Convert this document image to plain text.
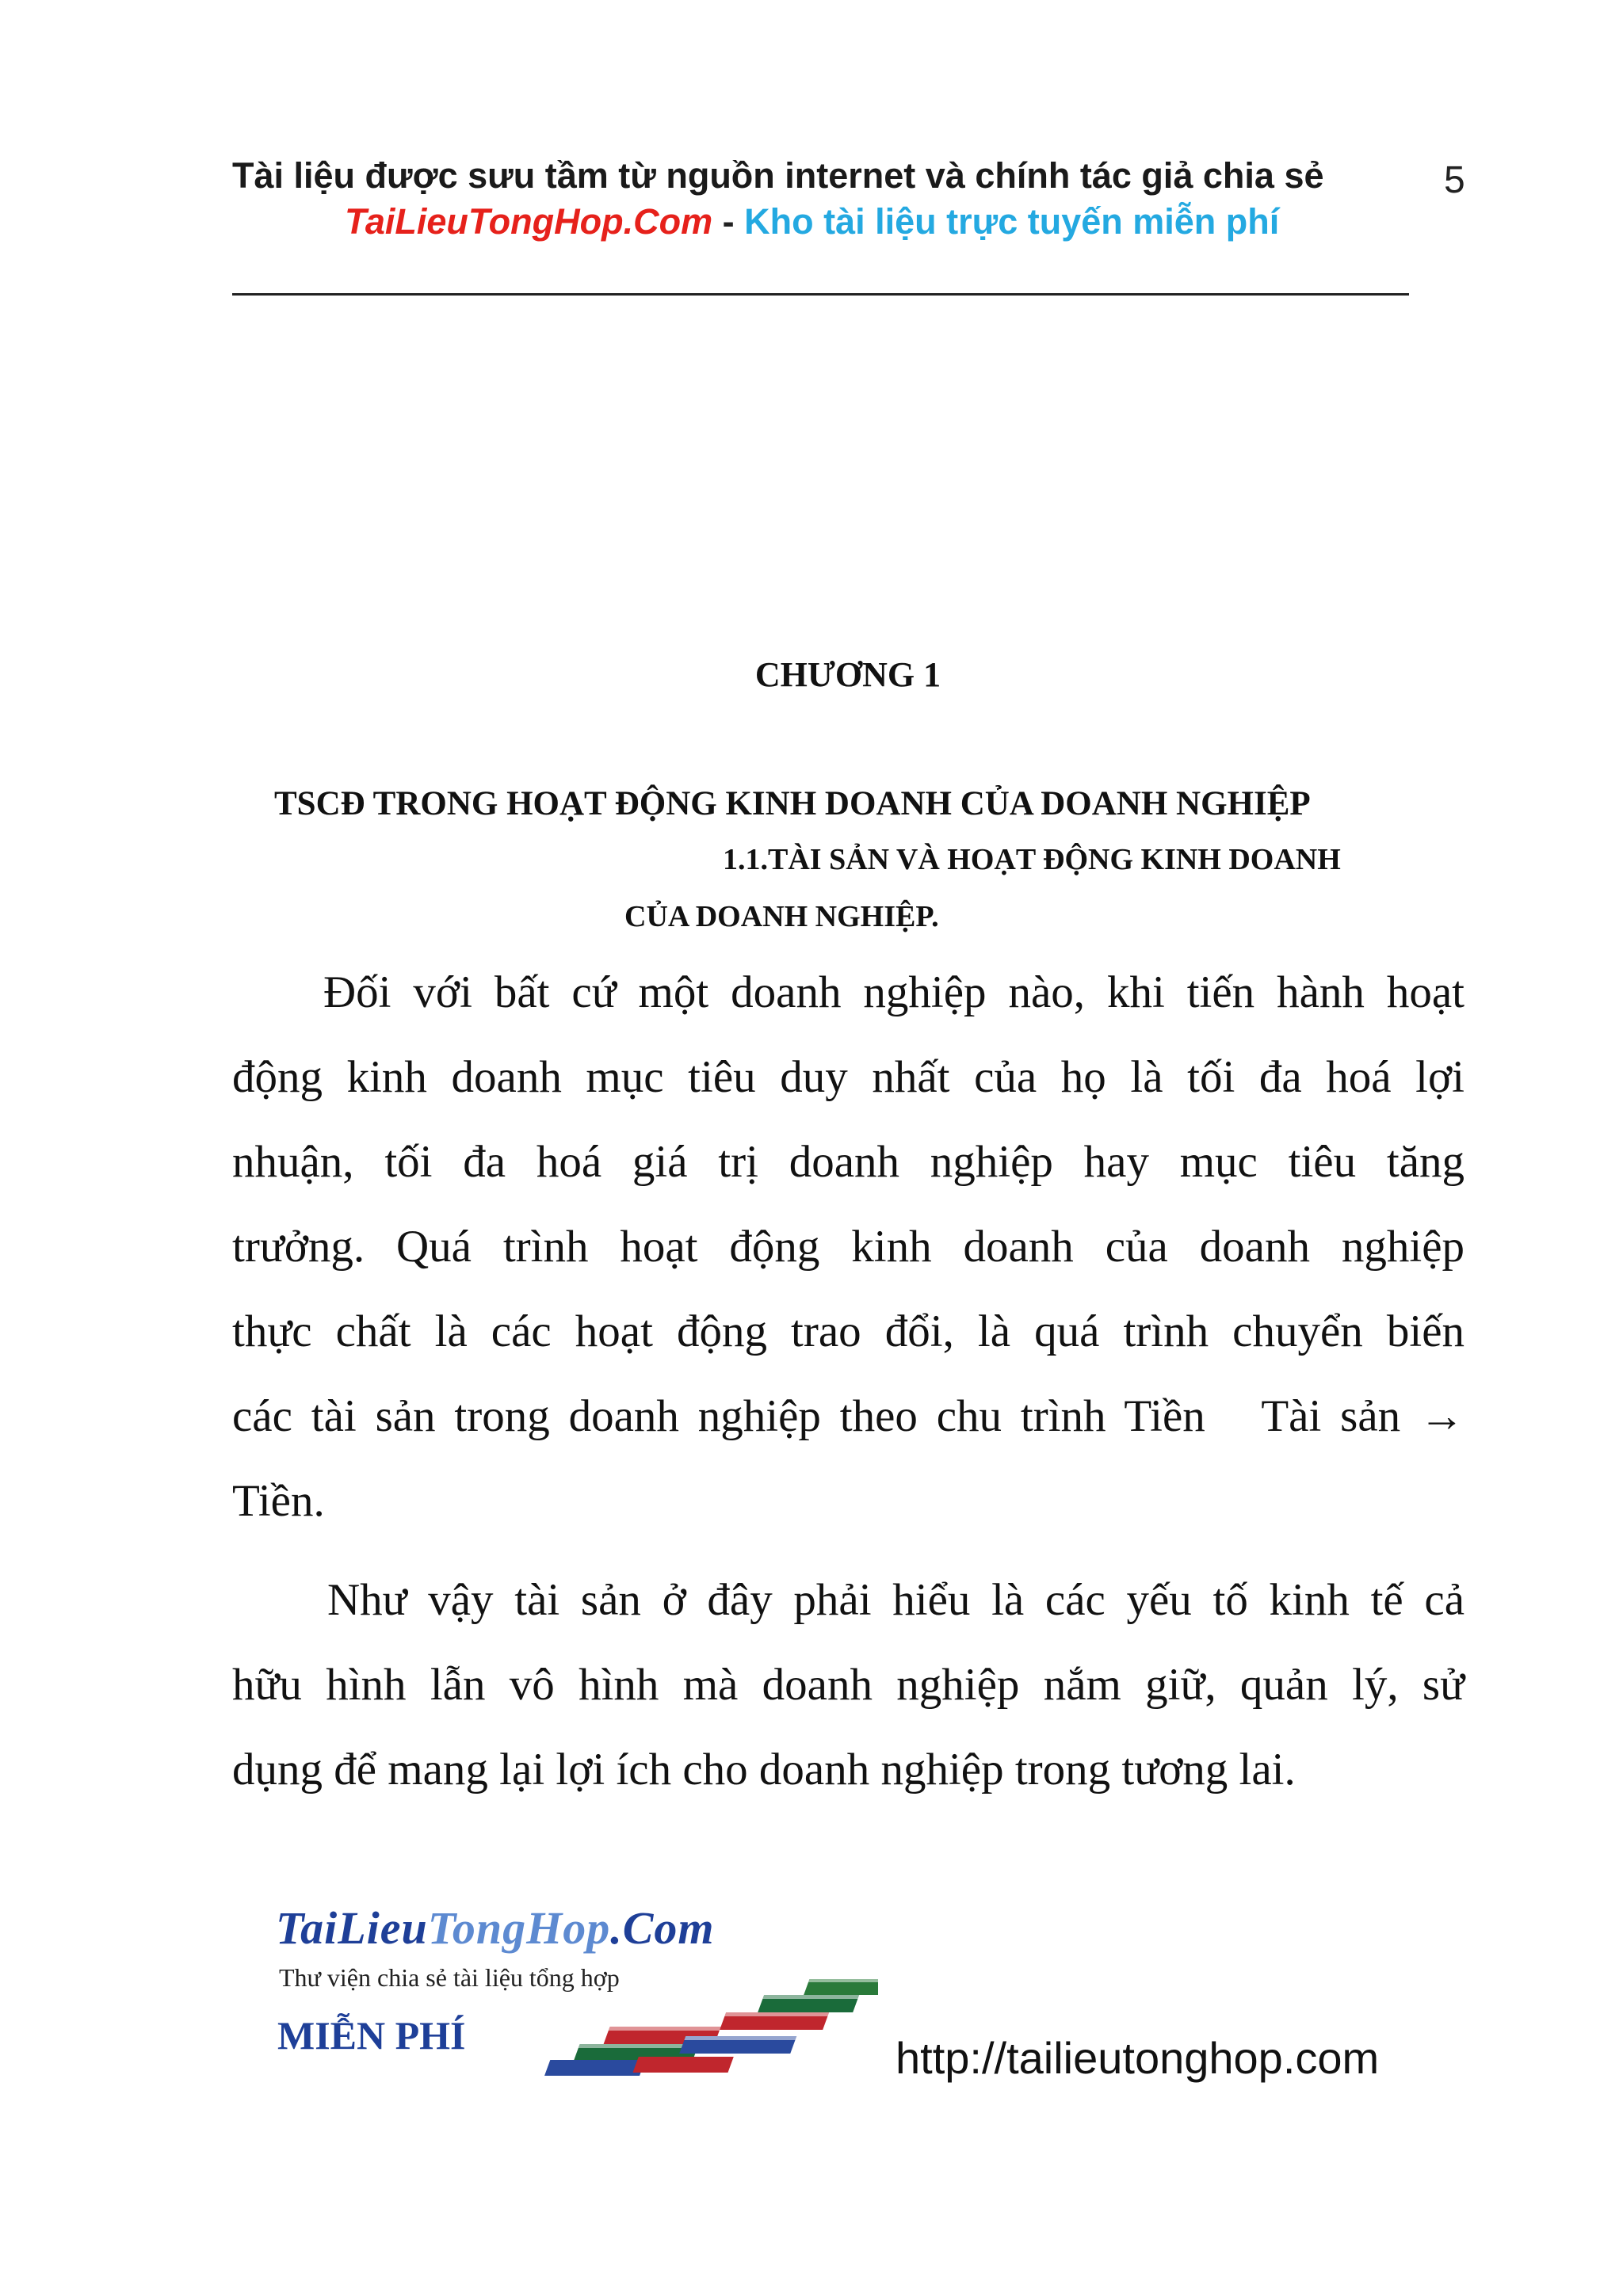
Tài liệu được sưu tầm từ nguồn internet và chính tác giả chia sẻ	5
TaiLieuTongHop.Com - Kho tài liệu trực tuyến miễn phí
CHƯƠNG 1
TSCĐ TRONG HOẠT ĐỘNG KINH DOANH CỦA DOANH NGHIỆP
1.1.TÀI SẢN VÀ HOẠT ĐỘNG KINH DOANH
CỦA DOANH NGHIỆP.
Đối với bất cứ một doanh nghiệp nào, khi tiến hành hoạt
động kinh doanh mục tiêu duy nhất của họ là tối đa hoá lợi
nhuận, tối đa hoá giá trị doanh nghiệp hay mục tiêu tăng
trưởng. Quá trình hoạt động kinh doanh của doanh nghiệp
thực chất là các hoạt động trao đổi, là quá trình chuyển biến
các tài sản trong doanh nghiệp theo chu trình Tiền   Tài sản →
Tiền.
Như vậy tài sản ở đây phải hiểu là các yếu tố kinh tế cả
hữu hình lẫn vô hình mà doanh nghiệp nắm giữ, quản lý, sử
dụng để mang lại lợi ích cho doanh nghiệp trong tương lai.
TaiLieuTongHop.Com
Thư viện chia sẻ tài liệu tổng hợp
MIỄN PHÍ	http://tailieutonghop.com
